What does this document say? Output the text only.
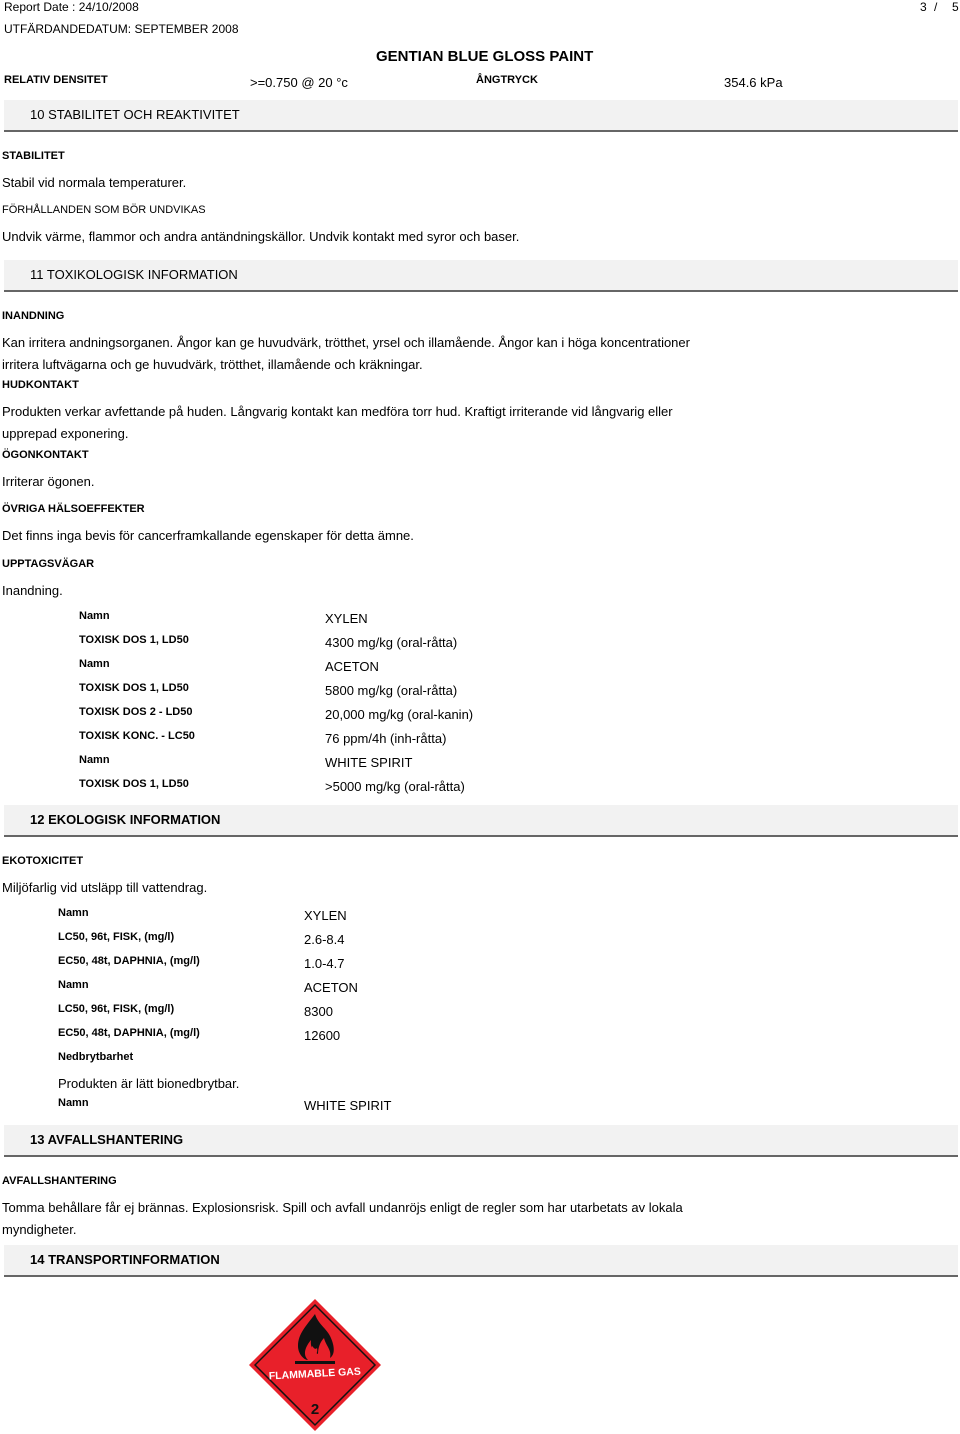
Report Date : 24/10/2008
UTFÄRDANDEDATUM: SEPTEMBER 2008
3 / 5
GENTIAN BLUE GLOSS PAINT
RELATIV DENSITET	>=0.750 @ 20 °c	ÅNGTRYCK	354.6 kPa
10 STABILITET OCH REAKTIVITET
STABILITET
Stabil vid normala temperaturer.
FÖRHÅLLANDEN SOM BÖR UNDVIKAS
Undvik värme, flammor och andra antändningskällor. Undvik kontakt med syror och baser.
11 TOXIKOLOGISK INFORMATION
INANDNING
Kan irritera andningsorganen. Ångor kan ge huvudvärk, trötthet, yrsel och illamående. Ångor kan i höga koncentrationer
irritera luftvägarna och ge huvudvärk, trötthet, illamående och kräkningar.
HUDKONTAKT
Produkten verkar avfettande på huden. Långvarig kontakt kan medföra torr hud. Kraftigt irriterande vid långvarig eller
upprepad exponering.
ÖGONKONTAKT
Irriterar ögonen.
ÖVRIGA HÄLSOEFFEKTER
Det finns inga bevis för cancerframkallande egenskaper för detta ämne.
UPPTAGSVÄGAR
Inandning.
Namn	XYLEN
TOXISK DOS 1, LD50	4300 mg/kg (oral-råtta)
Namn	ACETON
TOXISK DOS 1, LD50	5800 mg/kg (oral-råtta)
TOXISK DOS 2 - LD50	20,000 mg/kg (oral-kanin)
TOXISK KONC. - LC50	76 ppm/4h (inh-råtta)
Namn	WHITE SPIRIT
TOXISK DOS 1, LD50	>5000 mg/kg (oral-råtta)
12 EKOLOGISK INFORMATION
EKOTOXICITET
Miljöfarlig vid utsläpp till vattendrag.
Namn	XYLEN
LC50, 96t, FISK, (mg/l)	2.6-8.4
EC50, 48t, DAPHNIA, (mg/l)	1.0-4.7
Namn	ACETON
LC50, 96t, FISK, (mg/l)	8300
EC50, 48t, DAPHNIA, (mg/l)	12600
Nedbrytbarhet
Produkten är lätt bionedbrytbar.
Namn	WHITE SPIRIT
13 AVFALLSHANTERING
AVFALLSHANTERING
Tomma behållare får ej brännas. Explosionsrisk. Spill och avfall undanröjs enligt de regler som har utarbetats av lokala
myndigheter.
14 TRANSPORTINFORMATION
FLAMMABLE GAS
2
